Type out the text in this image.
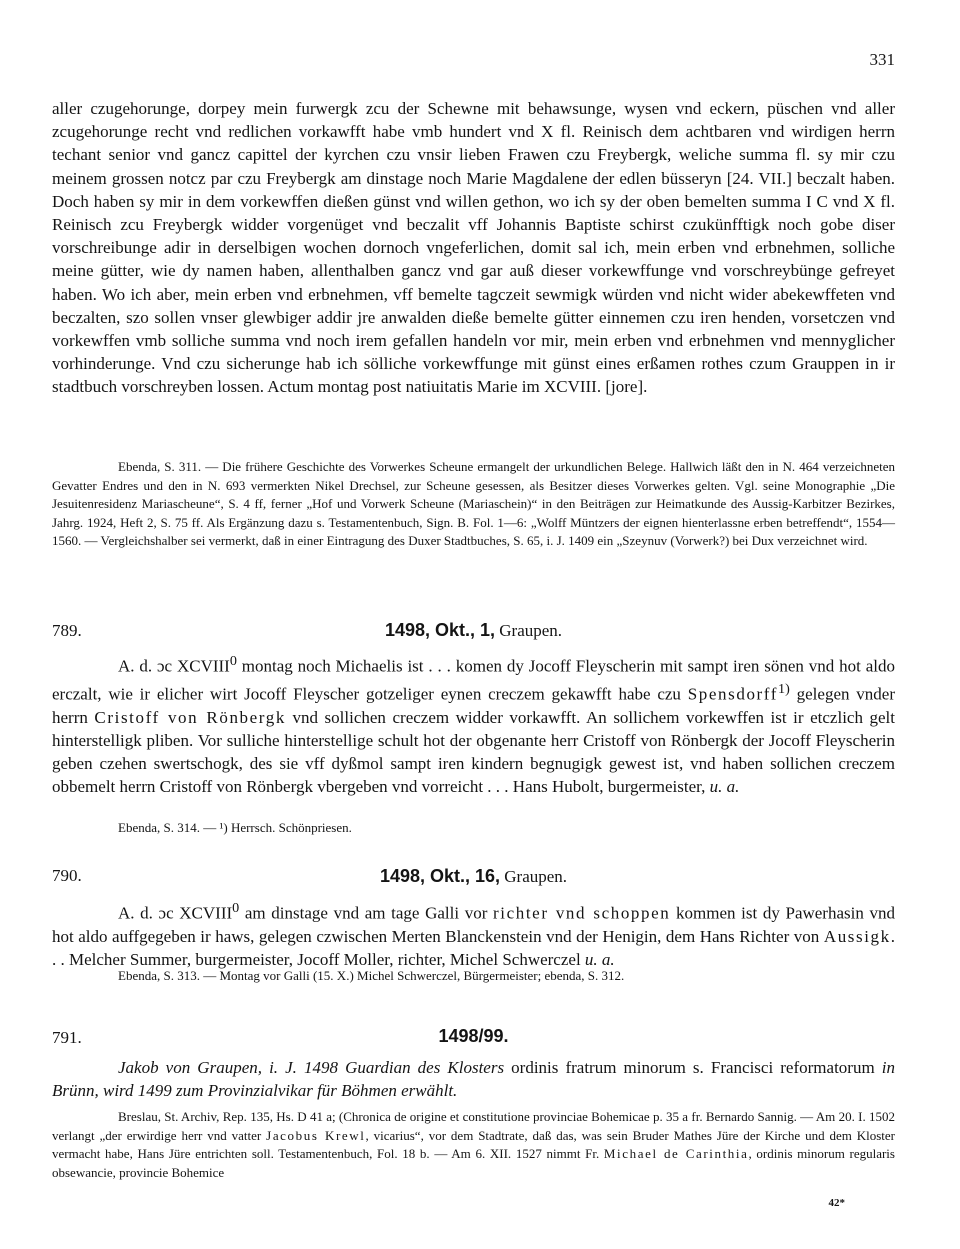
331

aller czugehorunge, dorpey mein furwergk zcu der Schewne mit behawsunge, wysen vnd eckern, püschen vnd aller zcugehorunge recht vnd redlichen vorkawfft habe vmb hundert vnd X fl. Reinisch dem achtbaren vnd wirdigen herrn techant senior vnd gancz capittel der kyrchen czu vnsir lieben Frawen czu Freybergk, weliche summa fl. sy mir czu meinem grossen notcz par czu Freybergk am dinstage noch Marie Magdalene der edlen büsseryn [24. VII.] beczalt haben. Doch haben sy mir in dem vorkewffen dießen günst vnd willen gethon, wo ich sy der oben bemelten summa I C vnd X fl. Reinisch zcu Freybergk widder vorgenüget vnd beczalit vff Johannis Baptiste schirst czukünfftigk noch gobe diser vorschreibunge adir in derselbigen wochen dornoch vngeferlichen, domit sal ich, mein erben vnd erbnehmen, solliche meine gütter, wie dy namen haben, allenthalben gancz vnd gar auß dieser vorkewffunge vnd vorschreybünge gefreyet haben. Wo ich aber, mein erben vnd erbnehmen, vff bemelte tagczeit sewmigk würden vnd nicht wider abekewffeten vnd beczalten, szo sollen vnser glewbiger addir jre anwalden dieße bemelte gütter einnemen czu iren henden, vorsetczen vnd vorkewffen vmb solliche summa vnd noch irem gefallen handeln vor mir, mein erben vnd erbnehmen vnd mennyglicher vorhinderunge. Vnd czu sicherunge hab ich sölliche vorkewffunge mit günst eines erßamen rothes czum Grauppen in ir stadtbuch vorschreyben lossen. Actum montag post natiuitatis Marie im XCVIII. [jore].

Ebenda, S. 311. — Die frühere Geschichte des Vorwerkes Scheune ermangelt der urkundlichen Belege. Hallwich läßt den in N. 464 verzeichneten Gevatter Endres und den in N. 693 vermerkten Nikel Drechsel, zur Scheune gesessen, als Besitzer dieses Vorwerkes gelten. Vgl. seine Monographie „Die Jesuitenresidenz Mariascheune“, S. 4 ff, ferner „Hof und Vorwerk Scheune (Mariaschein)“ in den Beiträgen zur Heimatkunde des Aussig-Karbitzer Bezirkes, Jahrg. 1924, Heft 2, S. 75 ff. Als Ergänzung dazu s. Testamentenbuch, Sign. B. Fol. 1—6: „Wolff Müntzers der eignen hienterlassne erben betreffendt“, 1554—1560. — Vergleichshalber sei vermerkt, daß in einer Eintragung des Duxer Stadtbuches, S. 65, i. J. 1409 ein „Szeynuv (Vorwerk?) bei Dux verzeichnet wird.

789.	1498, Okt., 1, Graupen.

A. d. ɔc XCVIII$^0$ montag noch Michaelis ist . . . komen dy Jocoff Fleyscherin mit sampt iren sönen vnd hot aldo erczalt, wie ir elicher wirt Jocoff Fleyscher gotzeliger eynen creczem gekawfft habe czu Spensdorff$^{1)}$ gelegen vnder herrn Cristoff von Rönbergk vnd sollichen creczem widder vorkawfft. An sollichem vorkewffen ist ir etczlich gelt hinterstelligk pliben. Vor sulliche hinterstellige schult hot der obgenante herr Cristoff von Rönbergk der Jocoff Fleyscherin geben czehen swertschogk, des sie vff dyßmol sampt iren kindern begnugigk gewest ist, vnd haben sollichen creczem obbemelt herrn Cristoff von Rönbergk vbergeben vnd vorreicht . . . Hans Hubolt, burgermeister, u. a.

Ebenda, S. 314. — ¹) Herrsch. Schönpriesen.

790.	1498, Okt., 16, Graupen.

A. d. ɔc XCVIII$^0$ am dinstage vnd am tage Galli vor richter vnd schoppen kommen ist dy Pawerhasin vnd hot aldo auffgegeben ir haws, gelegen czwischen Merten Blanckenstein vnd der Henigin, dem Hans Richter von Aussigk. . . Melcher Summer, burgermeister, Jocoff Moller, richter, Michel Schwerczel u. a.

Ebenda, S. 313. — Montag vor Galli (15. X.) Michel Schwerczel, Bürgermeister; ebenda, S. 312.

791.	1498/99.

Jakob von Graupen, i. J. 1498 Guardian des Klosters ordinis fratrum minorum s. Francisci reformatorum in Brünn, wird 1499 zum Provinzialvikar für Böhmen erwählt.

Breslau, St. Archiv, Rep. 135, Hs. D 41 a; (Chronica de origine et constitutione provinciae Bohemicae p. 35 a fr. Bernardo Sannig. — Am 20. I. 1502 verlangt „der erwirdige herr vnd vatter Jacobus Krewl, vicarius“, vor dem Stadtrate, daß das, was sein Bruder Mathes Jüre der Kirche und dem Kloster vermacht habe, Hans Jüre entrichten soll. Testamentenbuch, Fol. 18 b. — Am 6. XII. 1527 nimmt Fr. Michael de Carinthia, ordinis minorum regularis obsewancie, provincie Bohemice

42*
